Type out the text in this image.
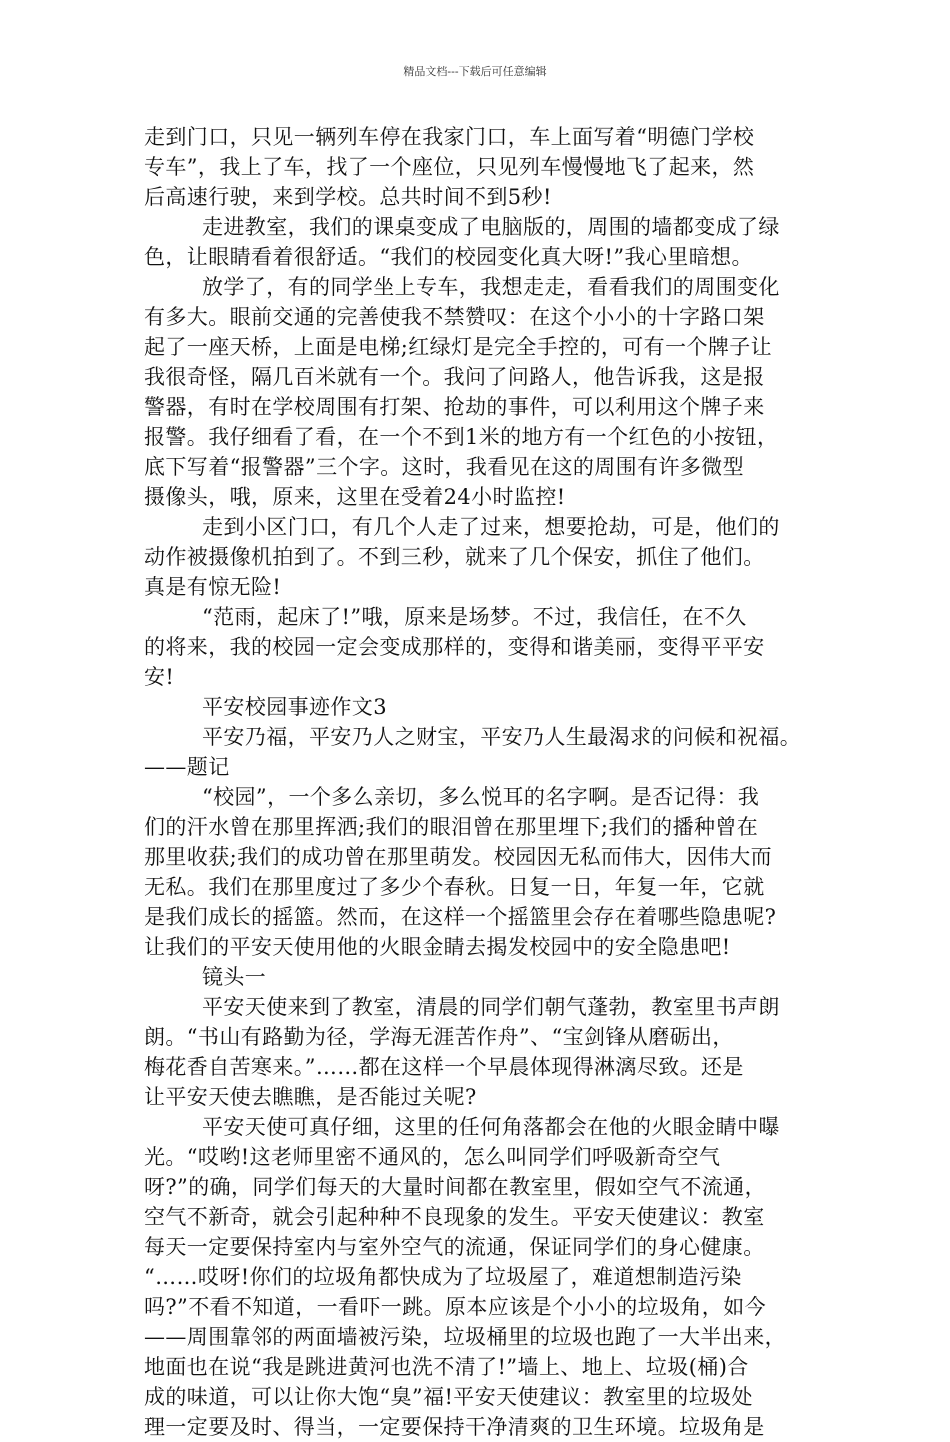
精品文档---下载后可任意编辑
走到门口，只见一辆列车停在我家门口，车上面写着“明德门学校
专车”，我上了车，找了一个座位，只见列车慢慢地飞了起来，然
后高速行驶，来到学校。总共时间不到5秒!
走进教室，我们的课桌变成了电脑版的，周围的墙都变成了绿
色，让眼睛看着很舒适。“我们的校园变化真大呀!”我心里暗想。
放学了，有的同学坐上专车，我想走走，看看我们的周围变化
有多大。眼前交通的完善使我不禁赞叹：在这个小小的十字路口架
起了一座天桥，上面是电梯;红绿灯是完全手控的，可有一个牌子让
我很奇怪，隔几百米就有一个。我问了问路人，他告诉我，这是报
警器，有时在学校周围有打架、抢劫的事件，可以利用这个牌子来
报警。我仔细看了看，在一个不到1米的地方有一个红色的小按钮，
底下写着“报警器”三个字。这时，我看见在这的周围有许多微型
摄像头，哦，原来，这里在受着24小时监控!
走到小区门口，有几个人走了过来，想要抢劫，可是，他们的
动作被摄像机拍到了。不到三秒，就来了几个保安，抓住了他们。
真是有惊无险!
“范雨，起床了!”哦，原来是场梦。不过，我信任，在不久
的将来，我的校园一定会变成那样的，变得和谐美丽，变得平平安
安!
平安校园事迹作文3
平安乃福，平安乃人之财宝，平安乃人生最渴求的问候和祝福。
——题记
“校园”，一个多么亲切，多么悦耳的名字啊。是否记得：我
们的汗水曾在那里挥洒;我们的眼泪曾在那里埋下;我们的播种曾在
那里收获;我们的成功曾在那里萌发。校园因无私而伟大，因伟大而
无私。我们在那里度过了多少个春秋。日复一日，年复一年，它就
是我们成长的摇篮。然而，在这样一个摇篮里会存在着哪些隐患呢?
让我们的平安天使用他的火眼金睛去揭发校园中的安全隐患吧!
镜头一
平安天使来到了教室，清晨的同学们朝气蓬勃，教室里书声朗
朗。“书山有路勤为径，学海无涯苦作舟”、“宝剑锋从磨砺出，
梅花香自苦寒来。”……都在这样一个早晨体现得淋漓尽致。还是
让平安天使去瞧瞧，是否能过关呢?
平安天使可真仔细，这里的任何角落都会在他的火眼金睛中曝
光。“哎哟!这老师里密不通风的，怎么叫同学们呼吸新奇空气
呀?”的确，同学们每天的大量时间都在教室里，假如空气不流通，
空气不新奇，就会引起种种不良现象的发生。平安天使建议：教室
每天一定要保持室内与室外空气的流通，保证同学们的身心健康。
“……哎呀!你们的垃圾角都快成为了垃圾屋了，难道想制造污染
吗?”不看不知道，一看吓一跳。原本应该是个小小的垃圾角，如今
——周围靠邻的两面墙被污染，垃圾桶里的垃圾也跑了一大半出来，
地面也在说“我是跳进黄河也洗不清了!”墙上、地上、垃圾(桶)合
成的味道，可以让你大饱“臭”福!平安天使建议：教室里的垃圾处
理一定要及时、得当，一定要保持干净清爽的卫生环境。垃圾角是
